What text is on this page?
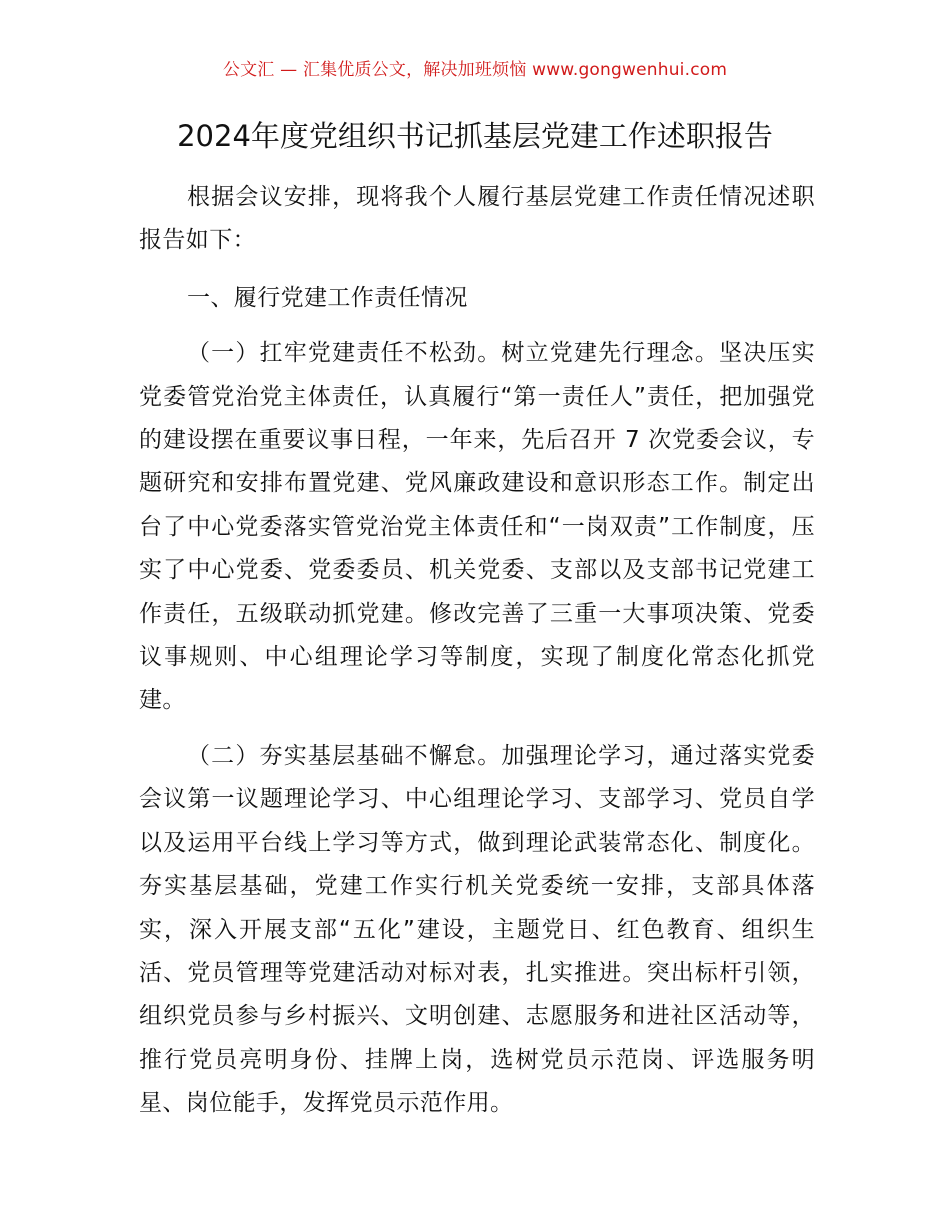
公文汇 — 汇集优质公文，解决加班烦恼 www.gongwenhui.com
2024年度党组织书记抓基层党建工作述职报告

根据会议安排，现将我个人履行基层党建工作责任情况述职报告如下：

一、履行党建工作责任情况

（一）扛牢党建责任不松劲。树立党建先行理念。坚决压实党委管党治党主体责任，认真履行“第一责任人”责任，把加强党的建设摆在重要议事日程，一年来，先后召开 7 次党委会议，专题研究和安排布置党建、党风廉政建设和意识形态工作。制定出台了中心党委落实管党治党主体责任和“一岗双责”工作制度，压实了中心党委、党委委员、机关党委、支部以及支部书记党建工作责任，五级联动抓党建。修改完善了三重一大事项决策、党委议事规则、中心组理论学习等制度，实现了制度化常态化抓党建。

（二）夯实基层基础不懈怠。加强理论学习，通过落实党委会议第一议题理论学习、中心组理论学习、支部学习、党员自学以及运用平台线上学习等方式，做到理论武装常态化、制度化。夯实基层基础，党建工作实行机关党委统一安排，支部具体落实，深入开展支部“五化”建设，主题党日、红色教育、组织生活、党员管理等党建活动对标对表，扎实推进。突出标杆引领，组织党员参与乡村振兴、文明创建、志愿服务和进社区活动等，推行党员亮明身份、挂牌上岗，选树党员示范岗、评选服务明星、岗位能手，发挥党员示范作用。
